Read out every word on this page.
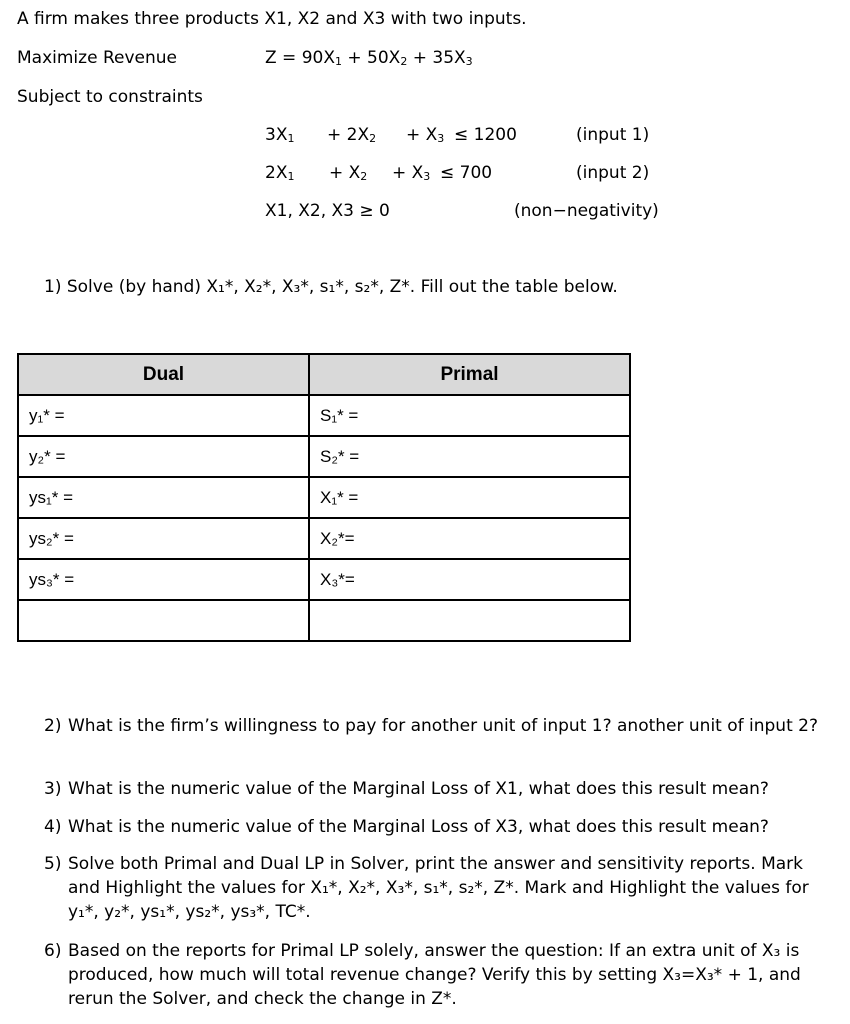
A firm makes three products X1, X2 and X3 with two inputs.
Maximize Revenue	$Z = 90X_1 + 50X_2 + 35X_3$
Subject to constraints
$3X_1 + 2X_2 + X_3 \le 1200$	(input 1)
$2X_1 + X_2 + X_3 \le 700$	(input 2)
X1, X2, X3 ≥ 0	(non−negativity)
1) Solve (by hand) X₁*, X₂*, X₃*, s₁*, s₂*, Z*. Fill out the table below.
Dual	Primal
y₁* =	S₁* =
y₂* =	S₂* =
ys₁* =	X₁* =
ys₂* =	X₂*=
ys₃* =	X₃*=

2) What is the firm’s willingness to pay for another unit of input 1? another unit of input 2?
3) What is the numeric value of the Marginal Loss of X1, what does this result mean?
4) What is the numeric value of the Marginal Loss of X3, what does this result mean?
5) Solve both Primal and Dual LP in Solver, print the answer and sensitivity reports. Mark and Highlight the values for X₁*, X₂*, X₃*, s₁*, s₂*, Z*. Mark and Highlight the values for y₁*, y₂*, ys₁*, ys₂*, ys₃*, TC*.
6) Based on the reports for Primal LP solely, answer the question: If an extra unit of X₃ is produced, how much will total revenue change? Verify this by setting X₃=X₃* + 1, and rerun the Solver, and check the change in Z*.
